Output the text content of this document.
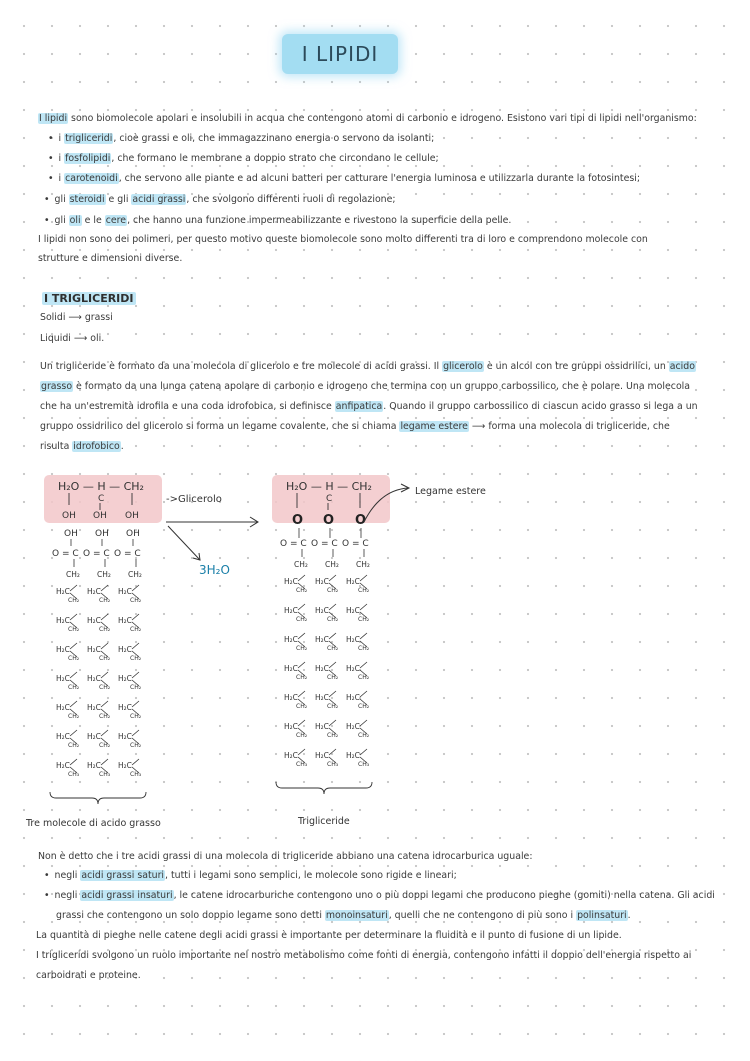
I LIPIDI
I lipidi sono biomolecole apolari e insolubili in acqua che contengono atomi di carbonio e idrogeno. Esistono vari tipi di lipidi nell'organismo:
• i trigliceridi, cioè grassi e oli, che immagazzinano energia o servono da isolanti;
• i fosfolipidi, che formano le membrane a doppio strato che circondano le cellule;
• i carotenoidi, che servono alle piante e ad alcuni batteri per catturare l'energia luminosa e utilizzarla durante la fotosintesi;
• gli steroidi e gli acidi grassi, che svolgono differenti ruoli di regolazione;
• gli oli e le cere, che hanno una funzione impermeabilizzante e rivestono la superficie della pelle.
I lipidi non sono dei polimeri, per questo motivo queste biomolecole sono molto differenti tra di loro e comprendono molecole con
strutture e dimensioni diverse.
I TRIGLICERIDI
Solidi ⟶ grassi
Liquidi ⟶ oli.
Un trigliceride è formato da una molecola di glicerolo e tre molecole di acidi grassi. Il glicerolo è un alcol con tre gruppi ossidrilici, un acido
grasso è formato da una lunga catena apolare di carbonio e idrogeno che termina con un gruppo carbossilico, che è polare. Una molecola
che ha un'estremità idrofila e una coda idrofobica, si definisce anfipatica. Quando il gruppo carbossilico di ciascun acido grasso si lega a un
gruppo ossidrilico del glicerolo si forma un legame covalente, che si chiama legame estere ⟶ forma una molecola di trigliceride, che
risulta idrofobico.
H₂O — H — CH₂
C
OH OH OH
->Glicerolo
3H₂O
H₂O — H — CH₂
C
O O O
Legame estere
OH
O = C
CH₂
H₂C
CH₂
H₂C
CH₂
H₂C
CH₂
H₂C
CH₂
H₂C
CH₂
H₂C
CH₂
H₂C
CH₃
OH
O = C
CH₂
H₂C
CH₂
H₂C
CH₂
H₂C
CH₂
H₂C
CH₂
H₂C
CH₂
H₂C
CH₂
H₂C
CH₃
OH
O = C
CH₂
H₂C
CH₂
H₂C
CH₂
H₂C
CH₂
H₂C
CH₂
H₂C
CH₂
H₂C
CH₂
H₂C
CH₃
O = C
CH₂
H₂C
CH₂
H₂C
CH₂
H₂C
CH₂
H₂C
CH₂
H₂C
CH₂
H₂C
CH₂
H₂C
CH₃
O = C
CH₂
H₂C
CH₂
H₂C
CH₂
H₂C
CH₂
H₂C
CH₂
H₂C
CH₂
H₂C
CH₂
H₂C
CH₃
O = C
CH₂
H₂C
CH₂
H₂C
CH₂
H₂C
CH₂
H₂C
CH₂
H₂C
CH₂
H₂C
CH₂
H₂C
CH₃
Tre molecole di acido grasso	Trigliceride
Non è detto che i tre acidi grassi di una molecola di trigliceride abbiano una catena idrocarburica uguale:
• negli acidi grassi saturi, tutti i legami sono semplici, le molecole sono rigide e lineari;
• negli acidi grassi insaturi, le catene idrocarburiche contengono uno o più doppi legami che producono pieghe (gomiti) nella catena. Gli acidi
grassi che contengono un solo doppio legame sono detti monoinsaturi, quelli che ne contengono di più sono i polinsaturi.
La quantità di pieghe nelle catene degli acidi grassi è importante per determinare la fluidità e il punto di fusione di un lipide.
I trigliceridi svolgono un ruolo importante nel nostro metabolismo come fonti di energia, contengono infatti il doppio dell'energia rispetto ai
carboidrati e proteine.
